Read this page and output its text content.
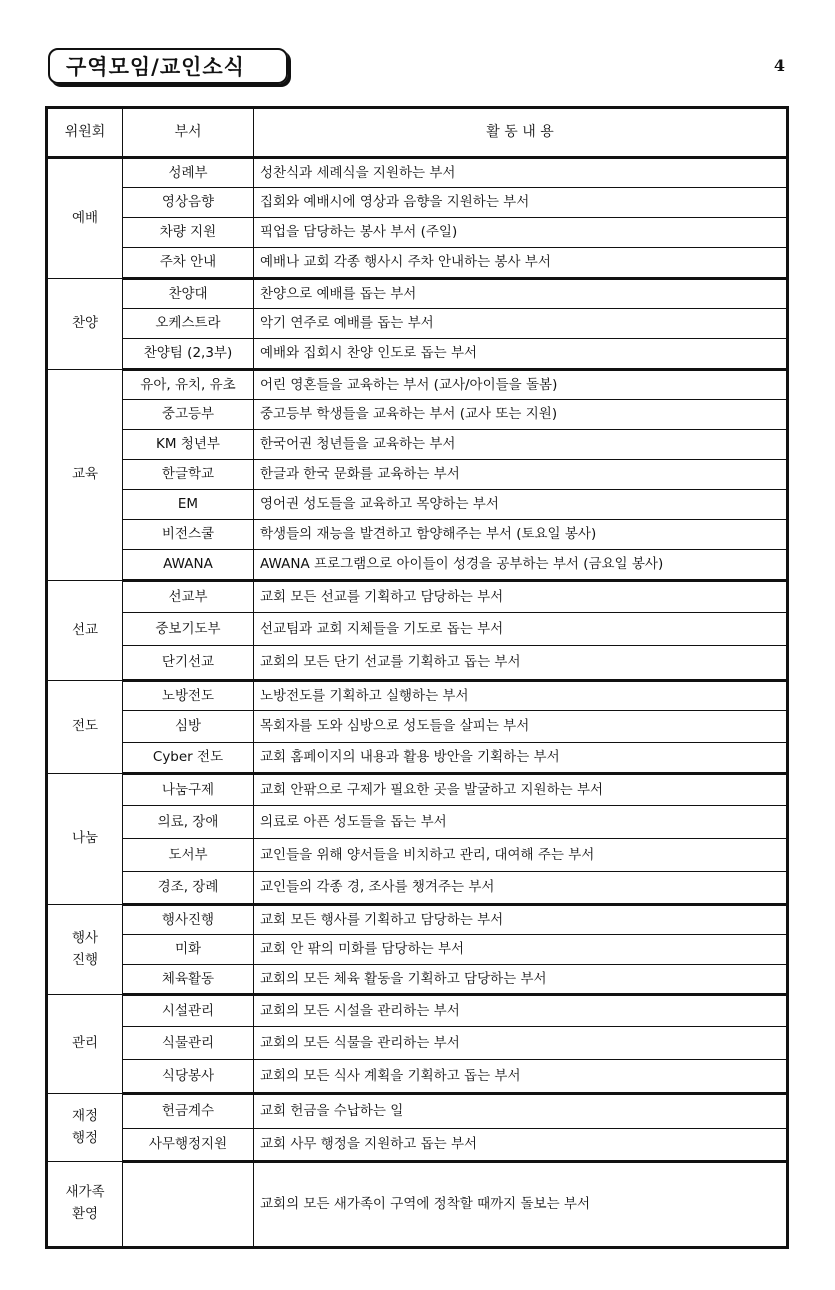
구역모임/교인소식	4
위원회	부서	활 동 내 용
예배	성례부	성찬식과 세례식을 지원하는 부서
	영상음향	집회와 예배시에 영상과 음향을 지원하는 부서
	차량 지원	픽업을 담당하는 봉사 부서 (주일)
	주차 안내	예배나 교회 각종 행사시 주차 안내하는 봉사 부서
찬양	찬양대	찬양으로 예배를 돕는 부서
	오케스트라	악기 연주로 예배를 돕는 부서
	찬양팀 (2,3부)	예배와 집회시 찬양 인도로 돕는 부서
교육	유아, 유치, 유초	어린 영혼들을 교육하는 부서 (교사/아이들을 돌봄)
	중고등부	중고등부 학생들을 교육하는 부서 (교사 또는 지원)
	KM 청년부	한국어권 청년들을 교육하는 부서
	한글학교	한글과 한국 문화를 교육하는 부서
	EM	영어권 성도들을 교육하고 목양하는 부서
	비전스쿨	학생들의 재능을 발견하고 함양해주는 부서 (토요일 봉사)
	AWANA	AWANA 프로그램으로 아이들이 성경을 공부하는 부서 (금요일 봉사)
선교	선교부	교회 모든 선교를 기획하고 담당하는 부서
	중보기도부	선교팀과 교회 지체들을 기도로 돕는 부서
	단기선교	교회의 모든 단기 선교를 기획하고 돕는 부서
전도	노방전도	노방전도를 기획하고 실행하는 부서
	심방	목회자를 도와 심방으로 성도들을 살피는 부서
	Cyber 전도	교회 홈페이지의 내용과 활용 방안을 기획하는 부서
나눔	나눔구제	교회 안팎으로 구제가 필요한 곳을 발굴하고 지원하는 부서
	의료, 장애	의료로 아픈 성도들을 돕는 부서
	도서부	교인들을 위해 양서들을 비치하고 관리, 대여해 주는 부서
	경조, 장례	교인들의 각종 경, 조사를 챙겨주는 부서
행사
진행	행사진행	교회 모든 행사를 기획하고 담당하는 부서
	미화	교회 안 팎의 미화를 담당하는 부서
	체육활동	교회의 모든 체육 활동을 기획하고 담당하는 부서
관리	시설관리	교회의 모든 시설을 관리하는 부서
	식물관리	교회의 모든 식물을 관리하는 부서
	식당봉사	교회의 모든 식사 계획을 기획하고 돕는 부서
재정
행정	헌금계수	교회 헌금을 수납하는 일
	사무행정지원	교회 사무 행정을 지원하고 돕는 부서
새가족
환영		교회의 모든 새가족이 구역에 정착할 때까지 돌보는 부서
